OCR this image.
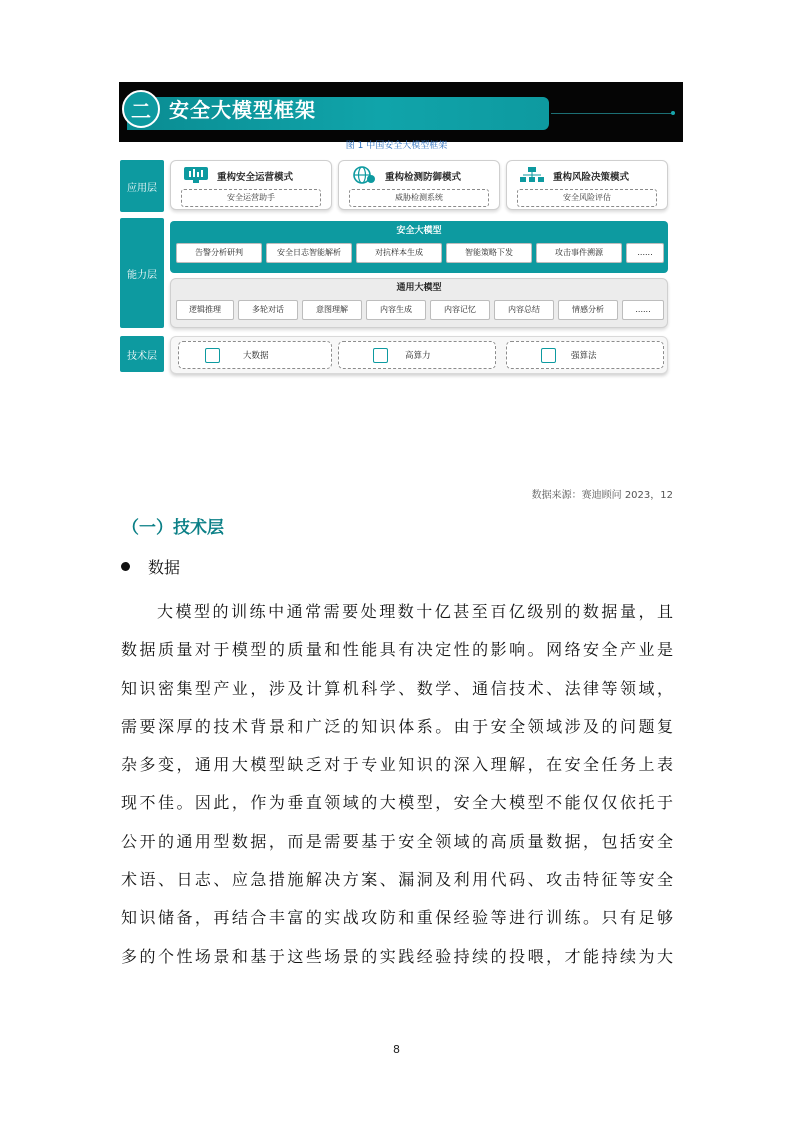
二 安全大模型框架
图 1 中国安全大模型框架
应用层
重构安全运营模式
安全运营助手
重构检测防御模式
威胁检测系统
重构风险决策模式
安全风险评估
能力层
安全大模型
告警分析研判	安全日志智能解析	对抗样本生成	智能策略下发	攻击事件溯源	......
通用大模型
逻辑推理	多轮对话	意图理解	内容生成	内容记忆	内容总结	情感分析	......
技术层	大数据	高算力	强算法
数据来源：赛迪顾问 2023，12
（一）技术层
数据
大模型的训练中通常需要处理数十亿甚至百亿级别的数据量，且
数据质量对于模型的质量和性能具有决定性的影响。网络安全产业是
知识密集型产业，涉及计算机科学、数学、通信技术、法律等领域，
需要深厚的技术背景和广泛的知识体系。由于安全领域涉及的问题复
杂多变，通用大模型缺乏对于专业知识的深入理解，在安全任务上表
现不佳。因此，作为垂直领域的大模型，安全大模型不能仅仅依托于
公开的通用型数据，而是需要基于安全领域的高质量数据，包括安全
术语、日志、应急措施解决方案、漏洞及利用代码、攻击特征等安全
知识储备，再结合丰富的实战攻防和重保经验等进行训练。只有足够
多的个性场景和基于这些场景的实践经验持续的投喂，才能持续为大
8
